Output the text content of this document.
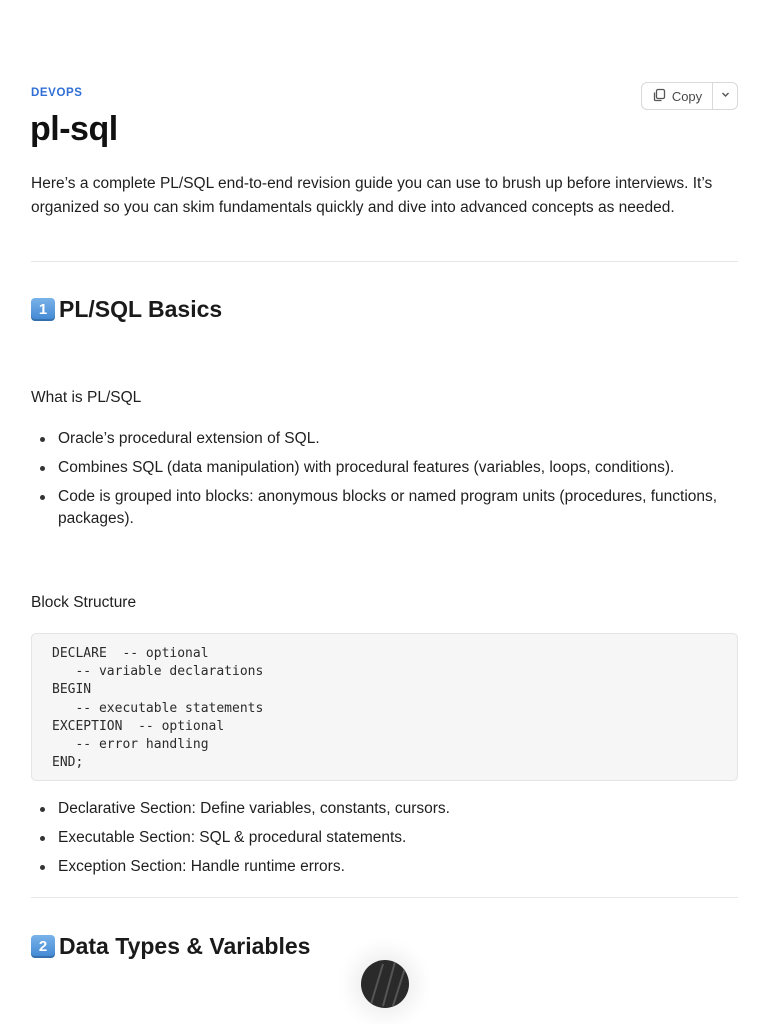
DEVOPS	Copy
pl-sql

Here’s a complete PL/SQL end-to-end revision guide you can use to brush up before interviews. It’s organized so you can skim fundamentals quickly and dive into advanced concepts as needed.

1 PL/SQL Basics
What is PL/SQL
Oracle’s procedural extension of SQL.
Combines SQL (data manipulation) with procedural features (variables, loops, conditions).
Code is grouped into blocks: anonymous blocks or named program units (procedures, functions, packages).
Block Structure
DECLARE  -- optional
-- variable declarations
BEGIN
-- executable statements
EXCEPTION  -- optional
-- error handling
END;
Declarative Section: Define variables, constants, cursors.
Executable Section: SQL & procedural statements.
Exception Section: Handle runtime errors.
2 Data Types & Variables
